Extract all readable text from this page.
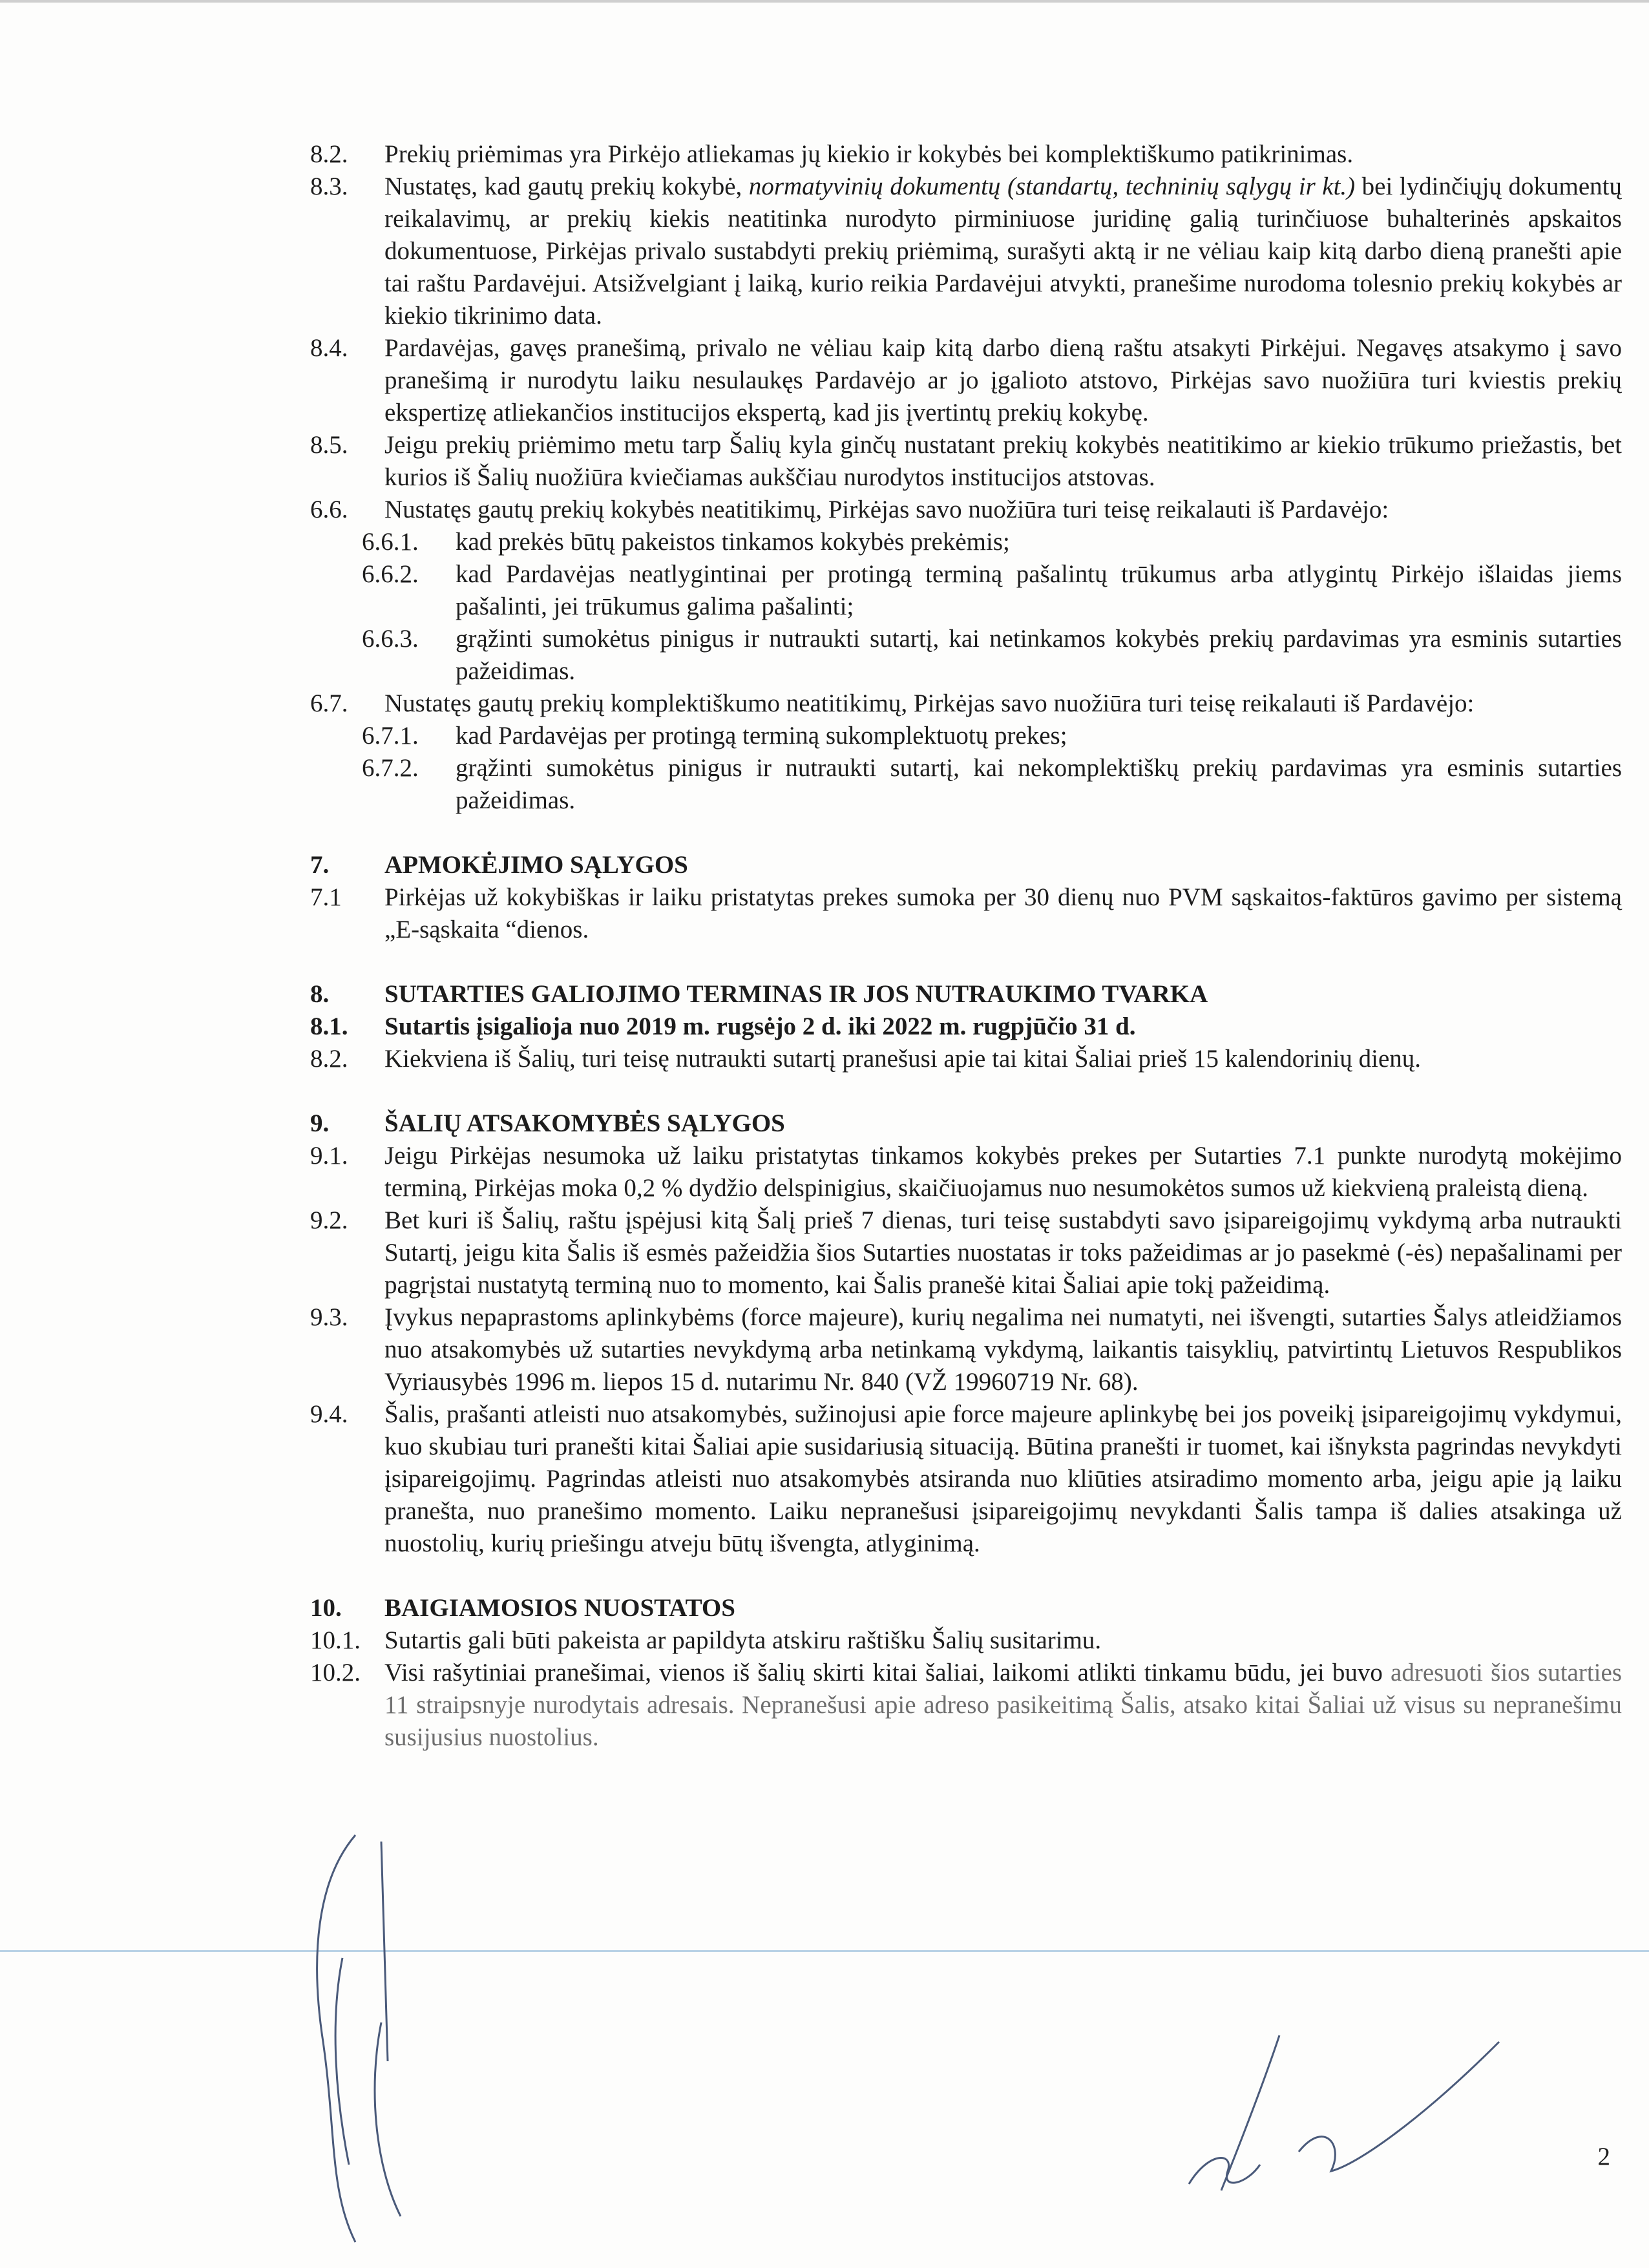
8.2. Prekių priėmimas yra Pirkėjo atliekamas jų kiekio ir kokybės bei komplektiškumo patikrinimas.
8.3. Nustatęs, kad gautų prekių kokybė, normatyvinių dokumentų (standartų, techninių sąlygų ir kt.) bei lydinčiųjų dokumentų reikalavimų, ar prekių kiekis neatitinka nurodyto pirminiuose juridinę galią turinčiuose buhalterinės apskaitos dokumentuose, Pirkėjas privalo sustabdyti prekių priėmimą, surašyti aktą ir ne vėliau kaip kitą darbo dieną pranešti apie tai raštu Pardavėjui. Atsižvelgiant į laiką, kurio reikia Pardavėjui atvykti, pranešime nurodoma tolesnio prekių kokybės ar kiekio tikrinimo data.
8.4. Pardavėjas, gavęs pranešimą, privalo ne vėliau kaip kitą darbo dieną raštu atsakyti Pirkėjui. Negavęs atsakymo į savo pranešimą ir nurodytu laiku nesulaukęs Pardavėjo ar jo įgalioto atstovo, Pirkėjas savo nuožiūra turi kviestis prekių ekspertizę atliekančios institucijos ekspertą, kad jis įvertintų prekių kokybę.
8.5. Jeigu prekių priėmimo metu tarp Šalių kyla ginčų nustatant prekių kokybės neatitikimo ar kiekio trūkumo priežastis, bet kurios iš Šalių nuožiūra kviečiamas aukščiau nurodytos institucijos atstovas.
6.6. Nustatęs gautų prekių kokybės neatitikimų, Pirkėjas savo nuožiūra turi teisę reikalauti iš Pardavėjo:
6.6.1. kad prekės būtų pakeistos tinkamos kokybės prekėmis;
6.6.2. kad Pardavėjas neatlygintinai per protingą terminą pašalintų trūkumus arba atlygintų Pirkėjo išlaidas jiems pašalinti, jei trūkumus galima pašalinti;
6.6.3. grąžinti sumokėtus pinigus ir nutraukti sutartį, kai netinkamos kokybės prekių pardavimas yra esminis sutarties pažeidimas.
6.7. Nustatęs gautų prekių komplektiškumo neatitikimų, Pirkėjas savo nuožiūra turi teisę reikalauti iš Pardavėjo:
6.7.1. kad Pardavėjas per protingą terminą sukomplektuotų prekes;
6.7.2. grąžinti sumokėtus pinigus ir nutraukti sutartį, kai nekomplektiškų prekių pardavimas yra esminis sutarties pažeidimas.
7. APMOKĖJIMO SĄLYGOS
7.1 Pirkėjas už kokybiškas ir laiku pristatytas prekes sumoka per 30 dienų nuo PVM sąskaitos-faktūros gavimo per sistemą „E-sąskaita “dienos.
8. SUTARTIES GALIOJIMO TERMINAS IR JOS NUTRAUKIMO TVARKA
8.1. Sutartis įsigalioja nuo 2019 m. rugsėjo 2 d. iki 2022 m. rugpjūčio 31 d.
8.2. Kiekviena iš Šalių, turi teisę nutraukti sutartį pranešusi apie tai kitai Šaliai prieš 15 kalendorinių dienų.
9. ŠALIŲ ATSAKOMYBĖS SĄLYGOS
9.1. Jeigu Pirkėjas nesumoka už laiku pristatytas tinkamos kokybės prekes per Sutarties 7.1 punkte nurodytą mokėjimo terminą, Pirkėjas moka 0,2 % dydžio delspinigius, skaičiuojamus nuo nesumokėtos sumos už kiekvieną praleistą dieną.
9.2. Bet kuri iš Šalių, raštu įspėjusi kitą Šalį prieš 7 dienas, turi teisę sustabdyti savo įsipareigojimų vykdymą arba nutraukti Sutartį, jeigu kita Šalis iš esmės pažeidžia šios Sutarties nuostatas ir toks pažeidimas ar jo pasekmė (-ės) nepašalinami per pagrįstai nustatytą terminą nuo to momento, kai Šalis pranešė kitai Šaliai apie tokį pažeidimą.
9.3. Įvykus nepaprastoms aplinkybėms (force majeure), kurių negalima nei numatyti, nei išvengti, sutarties Šalys atleidžiamos nuo atsakomybės už sutarties nevykdymą arba netinkamą vykdymą, laikantis taisyklių, patvirtintų Lietuvos Respublikos Vyriausybės 1996 m. liepos 15 d. nutarimu Nr. 840 (VŽ 19960719 Nr. 68).
9.4. Šalis, prašanti atleisti nuo atsakomybės, sužinojusi apie force majeure aplinkybę bei jos poveikį įsipareigojimų vykdymui, kuo skubiau turi pranešti kitai Šaliai apie susidariusią situaciją. Būtina pranešti ir tuomet, kai išnyksta pagrindas nevykdyti įsipareigojimų. Pagrindas atleisti nuo atsakomybės atsiranda nuo kliūties atsiradimo momento arba, jeigu apie ją laiku pranešta, nuo pranešimo momento. Laiku nepranešusi įsipareigojimų nevykdanti Šalis tampa iš dalies atsakinga už nuostolių, kurių priešingu atveju būtų išvengta, atlyginimą.
10. BAIGIAMOSIOS NUOSTATOS
10.1. Sutartis gali būti pakeista ar papildyta atskiru raštišku Šalių susitarimu.
10.2. Visi rašytiniai pranešimai, vienos iš šalių skirti kitai šaliai, laikomi atlikti tinkamu būdu, jei buvo adresuoti šios sutarties 11 straipsnyje nurodytais adresais. Nepranešusi apie adreso pasikeitimą Šalis, atsako kitai Šaliai už visus su nepranešimu susijusius nuostolius.
2
